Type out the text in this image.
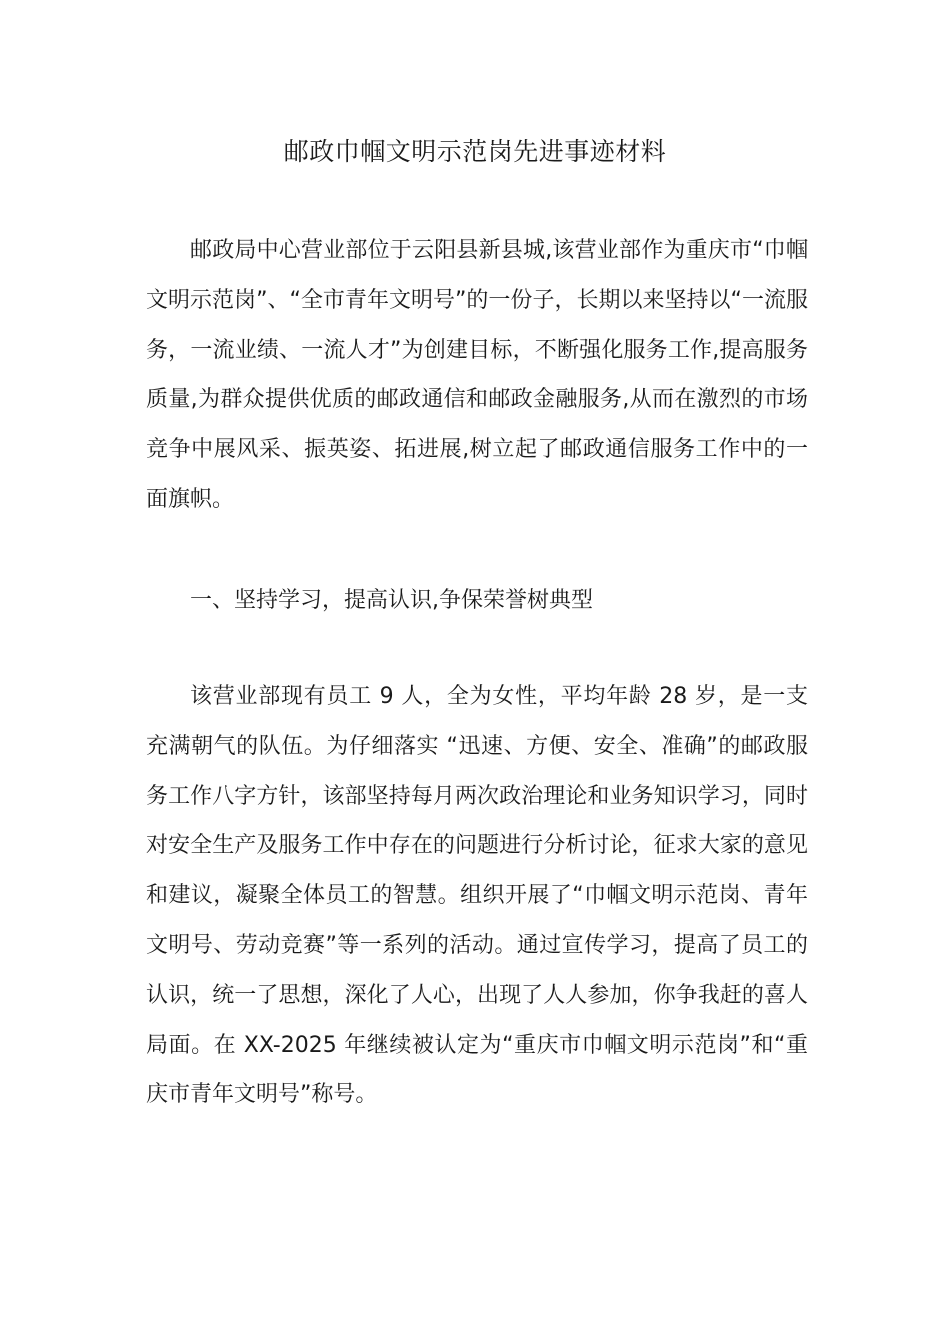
邮政巾帼文明示范岗先进事迹材料

邮政局中心营业部位于云阳县新县城,该营业部作为重庆市“巾帼文明示范岗”、“全市青年文明号”的一份子，长期以来坚持以“一流服务，一流业绩、一流人才”为创建目标，不断强化服务工作,提高服务质量,为群众提供优质的邮政通信和邮政金融服务,从而在激烈的市场竞争中展风采、振英姿、拓进展,树立起了邮政通信服务工作中的一面旗帜。

一、坚持学习，提高认识,争保荣誉树典型

该营业部现有员工 9 人，全为女性，平均年龄 28 岁，是一支充满朝气的队伍。为仔细落实 “迅速、方便、安全、准确”的邮政服务工作八字方针，该部坚持每月两次政治理论和业务知识学习，同时对安全生产及服务工作中存在的问题进行分析讨论，征求大家的意见和建议，凝聚全体员工的智慧。组织开展了“巾帼文明示范岗、青年文明号、劳动竞赛”等一系列的活动。通过宣传学习，提高了员工的认识，统一了思想，深化了人心，出现了人人参加，你争我赶的喜人局面。在 XX-2025 年继续被认定为“重庆市巾帼文明示范岗”和“重庆市青年文明号”称号。
